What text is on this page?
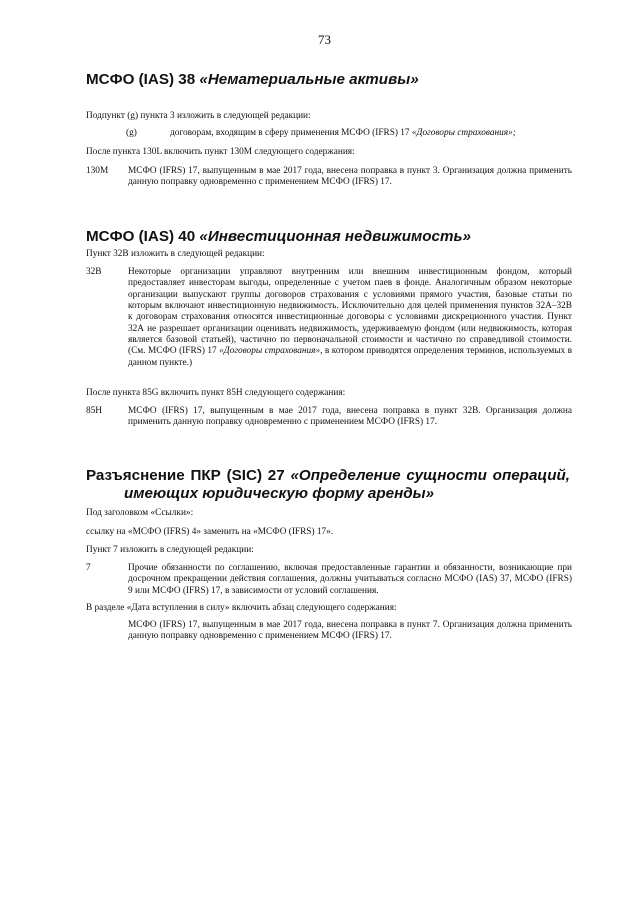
73
МСФО (IAS) 38 «Нематериальные активы»
Подпункт (g) пункта 3 изложить в следующей редакции:
(g)	договорам, входящим в сферу применения МСФО (IFRS) 17 «Договоры страхования»;
После пункта 130L включить пункт 130М следующего содержания:
130M МСФО (IFRS) 17, выпущенным в мае 2017 года, внесена поправка в пункт 3. Организация должна применить данную поправку одновременно с применением МСФО (IFRS) 17.
МСФО (IAS) 40 «Инвестиционная недвижимость»
Пункт 32В изложить в следующей редакции:
32B	Некоторые организации управляют внутренним или внешним инвестиционным фондом, который предоставляет инвесторам выгоды, определенные с учетом паев в фонде. Аналогичным образом некоторые организации выпускают группы договоров страхования с условиями прямого участия, базовые статьи по которым включают инвестиционную недвижимость. Исключительно для целей применения пунктов 32А–32В к договорам страхования относятся инвестиционные договоры с условиями дискреционного участия. Пункт 32А не разрешает организации оценивать недвижимость, удерживаемую фондом (или недвижимость, которая является базовой статьей), частично по первоначальной стоимости и частично по справедливой стоимости. (См. МСФО (IFRS) 17 «Договоры страхования», в котором приводятся определения терминов, используемых в данном пункте.)
После пункта 85G включить пункт 85Н следующего содержания:
85H	МСФО (IFRS) 17, выпущенным в мае 2017 года, внесена поправка в пункт 32В. Организация должна применить данную поправку одновременно с применением МСФО (IFRS) 17.
Разъяснение ПКР (SIC) 27 «Определение сущности операций,
имеющих юридическую форму аренды»
Под заголовком «Ссылки»:
ссылку на «МСФО (IFRS) 4» заменить на «МСФО (IFRS) 17».
Пункт 7 изложить в следующей редакции:
7	Прочие обязанности по соглашению, включая предоставленные гарантии и обязанности, возникающие при досрочном прекращении действия соглашения, должны учитываться согласно МСФО (IAS) 37, МСФО (IFRS) 9 или МСФО (IFRS) 17, в зависимости от условий соглашения.
В разделе «Дата вступления в силу» включить абзац следующего содержания:
МСФО (IFRS) 17, выпущенным в мае 2017 года, внесена поправка в пункт 7. Организация должна применить данную поправку одновременно с применением МСФО (IFRS) 17.
